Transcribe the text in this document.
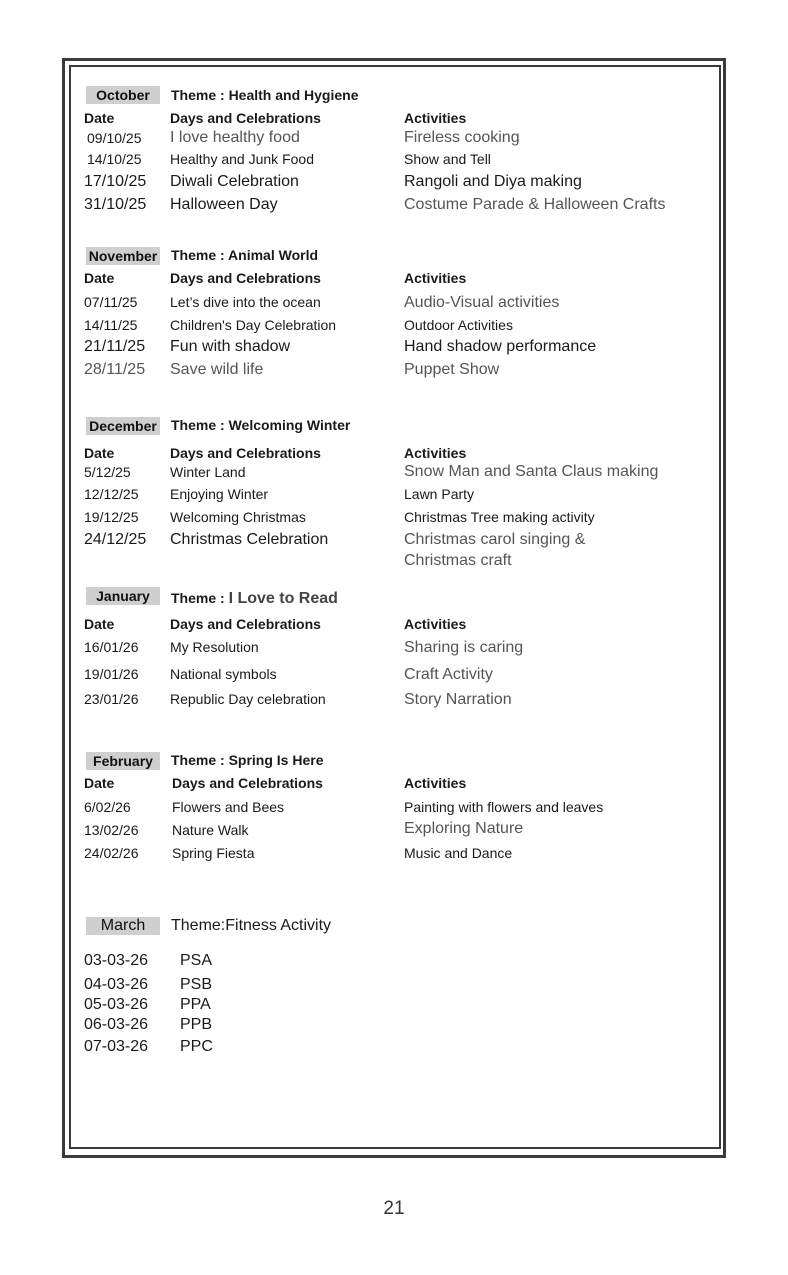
October	Theme : Health and Hygiene
Date	Days and Celebrations	Activities
09/10/25 I love healthy food	Fireless cooking
14/10/25 Healthy and Junk Food	Show and Tell
17/10/25 Diwali Celebration	Rangoli and Diya making
31/10/25 Halloween Day	Costume Parade & Halloween Crafts
November Theme : Animal World
Date	Days and Celebrations	Activities
07/11/25 Let’s dive into the ocean	Audio-Visual activities
14/11/25 Children's Day Celebration	Outdoor Activities
21/11/25 Fun with shadow	Hand shadow performance
28/11/25 Save wild life	Puppet Show
December Theme : Welcoming Winter
Date	Days and Celebrations	Activities
5/12/25	Winter Land	Snow Man and Santa Claus making
12/12/25 Enjoying Winter	Lawn Party
19/12/25 Welcoming Christmas	Christmas Tree making activity
24/12/25 Christmas Celebration	Christmas carol singing &
Christmas craft
January	Theme : I Love to Read
Date	Days and Celebrations	Activities
16/01/26 My Resolution	Sharing is caring
19/01/26 National symbols	Craft Activity
23/01/26 Republic Day celebration	Story Narration
February	Theme : Spring Is Here
Date	Days and Celebrations	Activities
6/02/26	Flowers and Bees	Painting with flowers and leaves
13/02/26 Nature Walk	Exploring Nature
24/02/26 Spring Fiesta	Music and Dance
March	Theme:Fitness Activity
03-03-26 PSA
04-03-26 PSB
05-03-26 PPA
06-03-26 PPB
07-03-26 PPC
21
